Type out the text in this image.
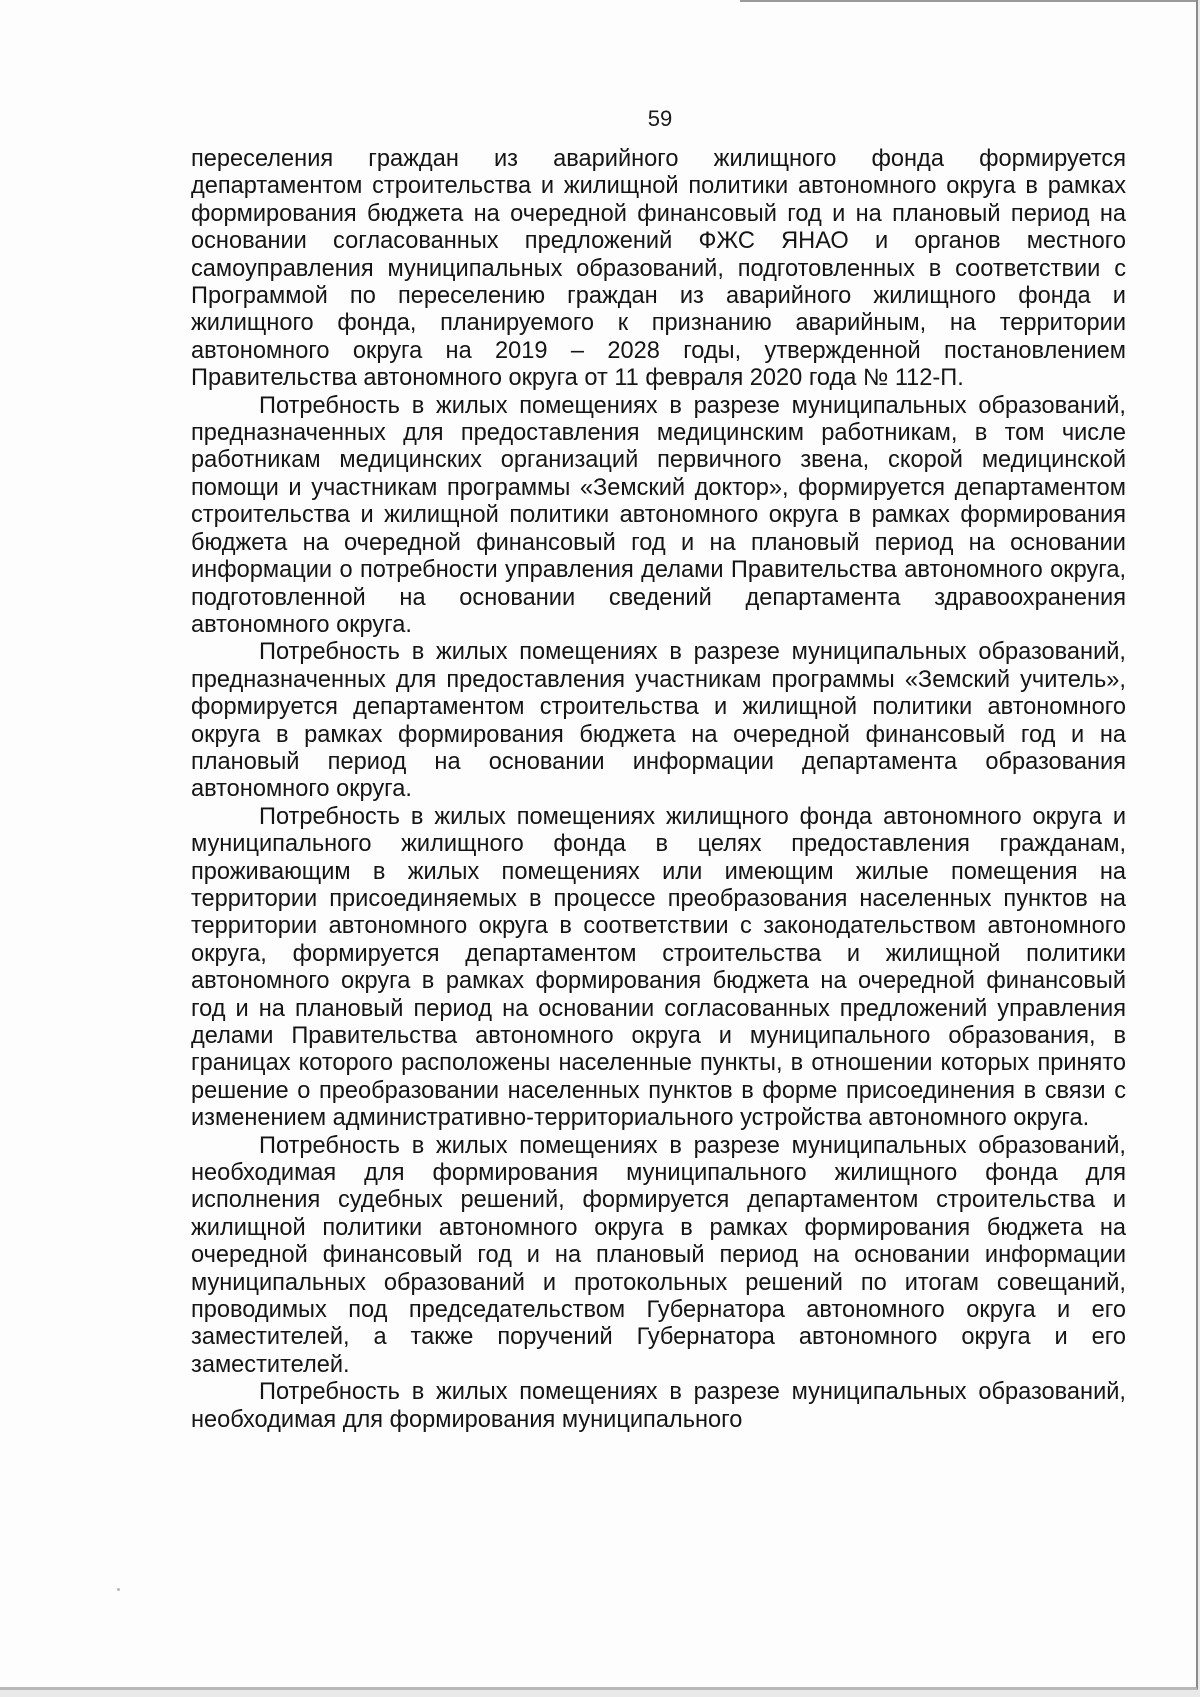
59

переселения граждан из аварийного жилищного фонда формируется департаментом строительства и жилищной политики автономного округа в рамках формирования бюджета на очередной финансовый год и на плановый период на основании согласованных предложений ФЖС ЯНАО и органов местного самоуправления муниципальных образований, подготовленных в соответствии с Программой по переселению граждан из аварийного жилищного фонда и жилищного фонда, планируемого к признанию аварийным, на территории автономного округа на 2019 – 2028 годы, утвержденной постановлением Правительства автономного округа от 11 февраля 2020 года № 112-П.

Потребность в жилых помещениях в разрезе муниципальных образований, предназначенных для предоставления медицинским работникам, в том числе работникам медицинских организаций первичного звена, скорой медицинской помощи и участникам программы «Земский доктор», формируется департаментом строительства и жилищной политики автономного округа в рамках формирования бюджета на очередной финансовый год и на плановый период на основании информации о потребности управления делами Правительства автономного округа, подготовленной на основании сведений департамента здравоохранения автономного округа.

Потребность в жилых помещениях в разрезе муниципальных образований, предназначенных для предоставления участникам программы «Земский учитель», формируется департаментом строительства и жилищной политики автономного округа в рамках формирования бюджета на очередной финансовый год и на плановый период на основании информации департамента образования автономного округа.

Потребность в жилых помещениях жилищного фонда автономного округа и муниципального жилищного фонда в целях предоставления гражданам, проживающим в жилых помещениях или имеющим жилые помещения на территории присоединяемых в процессе преобразования населенных пунктов на территории автономного округа в соответствии с законодательством автономного округа, формируется департаментом строительства и жилищной политики автономного округа в рамках формирования бюджета на очередной финансовый год и на плановый период на основании согласованных предложений управления делами Правительства автономного округа и муниципального образования, в границах которого расположены населенные пункты, в отношении которых принято решение о преобразовании населенных пунктов в форме присоединения в связи с изменением административно-территориального устройства автономного округа.

Потребность в жилых помещениях в разрезе муниципальных образований, необходимая для формирования муниципального жилищного фонда для исполнения судебных решений, формируется департаментом строительства и жилищной политики автономного округа в рамках формирования бюджета на очередной финансовый год и на плановый период на основании информации муниципальных образований и протокольных решений по итогам совещаний, проводимых под председательством Губернатора автономного округа и его заместителей, а также поручений Губернатора автономного округа и его заместителей.

Потребность в жилых помещениях в разрезе муниципальных образований, необходимая для формирования муниципального
